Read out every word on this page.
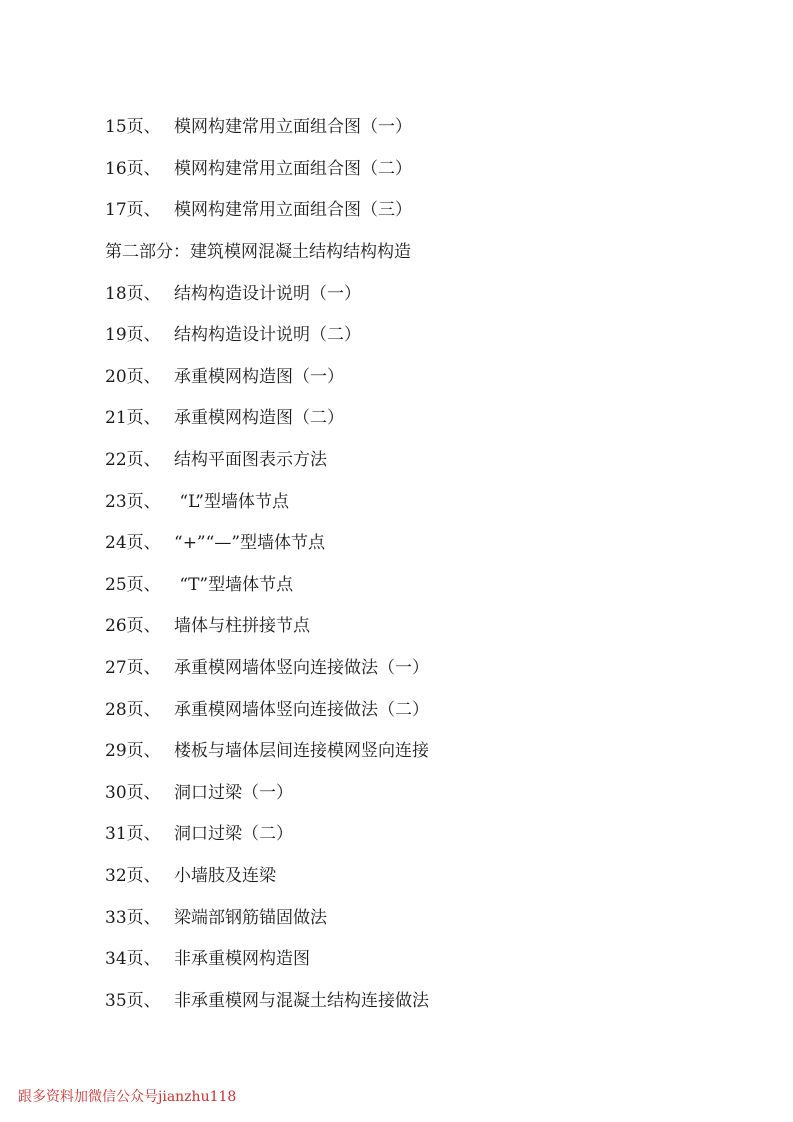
15页、 模网构建常用立面组合图（一）
16页、 模网构建常用立面组合图（二）
17页、 模网构建常用立面组合图（三）
第二部分：建筑模网混凝土结构结构构造
18页、 结构构造设计说明（一）
19页、 结构构造设计说明（二）
20页、 承重模网构造图（一）
21页、 承重模网构造图（二）
22页、 结构平面图表示方法
23页、 “L”型墙体节点
24页、 “+”“—”型墙体节点
25页、 “T”型墙体节点
26页、 墙体与柱拼接节点
27页、 承重模网墙体竖向连接做法（一）
28页、 承重模网墙体竖向连接做法（二）
29页、 楼板与墙体层间连接模网竖向连接
30页、 洞口过梁（一）
31页、 洞口过梁（二）
32页、 小墙肢及连梁
33页、 梁端部钢筋锚固做法
34页、 非承重模网构造图
35页、 非承重模网与混凝土结构连接做法
跟多资料加微信公众号jianzhu118
